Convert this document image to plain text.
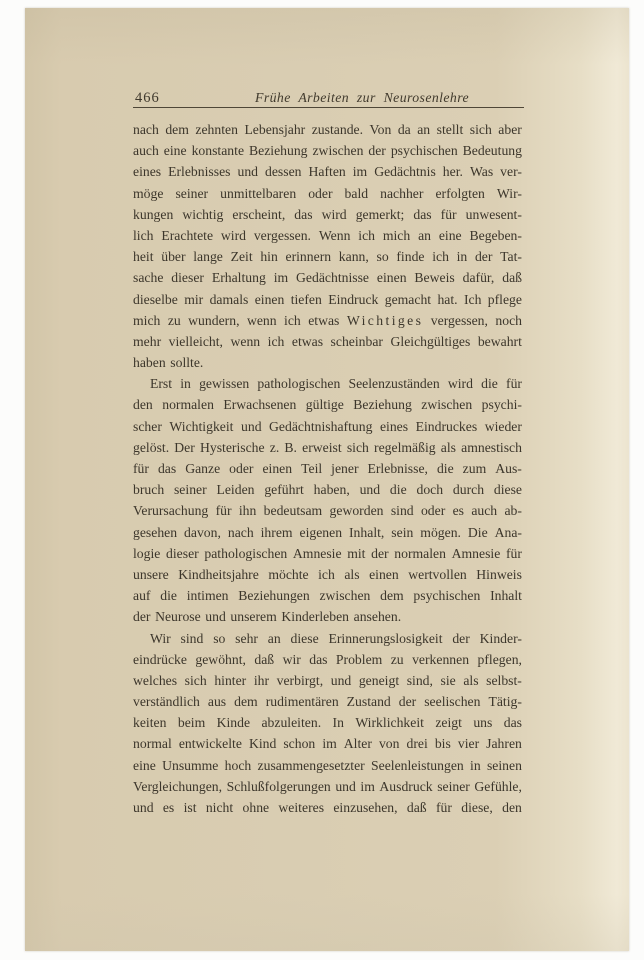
466	Frühe Arbeiten zur Neurosenlehre
nach dem zehnten Lebensjahr zustande. Von da an stellt sich aber
auch eine konstante Beziehung zwischen der psychischen Bedeutung
eines Erlebnisses und dessen Haften im Gedächtnis her. Was ver-
möge seiner unmittelbaren oder bald nachher erfolgten Wir-
kungen wichtig erscheint, das wird gemerkt; das für unwesent-
lich Erachtete wird vergessen. Wenn ich mich an eine Begeben-
heit über lange Zeit hin erinnern kann, so finde ich in der Tat-
sache dieser Erhaltung im Gedächtnisse einen Beweis dafür, daß
dieselbe mir damals einen tiefen Eindruck gemacht hat. Ich pflege
mich zu wundern, wenn ich etwas Wichtiges vergessen, noch
mehr vielleicht, wenn ich etwas scheinbar Gleichgültiges bewahrt
haben sollte.
Erst in gewissen pathologischen Seelenzuständen wird die für
den normalen Erwachsenen gültige Beziehung zwischen psychi-
scher Wichtigkeit und Gedächtnishaftung eines Eindruckes wieder
gelöst. Der Hysterische z. B. erweist sich regelmäßig als amnestisch
für das Ganze oder einen Teil jener Erlebnisse, die zum Aus-
bruch seiner Leiden geführt haben, und die doch durch diese
Verursachung für ihn bedeutsam geworden sind oder es auch ab-
gesehen davon, nach ihrem eigenen Inhalt, sein mögen. Die Ana-
logie dieser pathologischen Amnesie mit der normalen Amnesie für
unsere Kindheitsjahre möchte ich als einen wertvollen Hinweis
auf die intimen Beziehungen zwischen dem psychischen Inhalt
der Neurose und unserem Kinderleben ansehen.
Wir sind so sehr an diese Erinnerungslosigkeit der Kinder-
eindrücke gewöhnt, daß wir das Problem zu verkennen pflegen,
welches sich hinter ihr verbirgt, und geneigt sind, sie als selbst-
verständlich aus dem rudimentären Zustand der seelischen Tätig-
keiten beim Kinde abzuleiten. In Wirklichkeit zeigt uns das
normal entwickelte Kind schon im Alter von drei bis vier Jahren
eine Unsumme hoch zusammengesetzter Seelenleistungen in seinen
Vergleichungen, Schlußfolgerungen und im Ausdruck seiner Gefühle,
und es ist nicht ohne weiteres einzusehen, daß für diese, den
